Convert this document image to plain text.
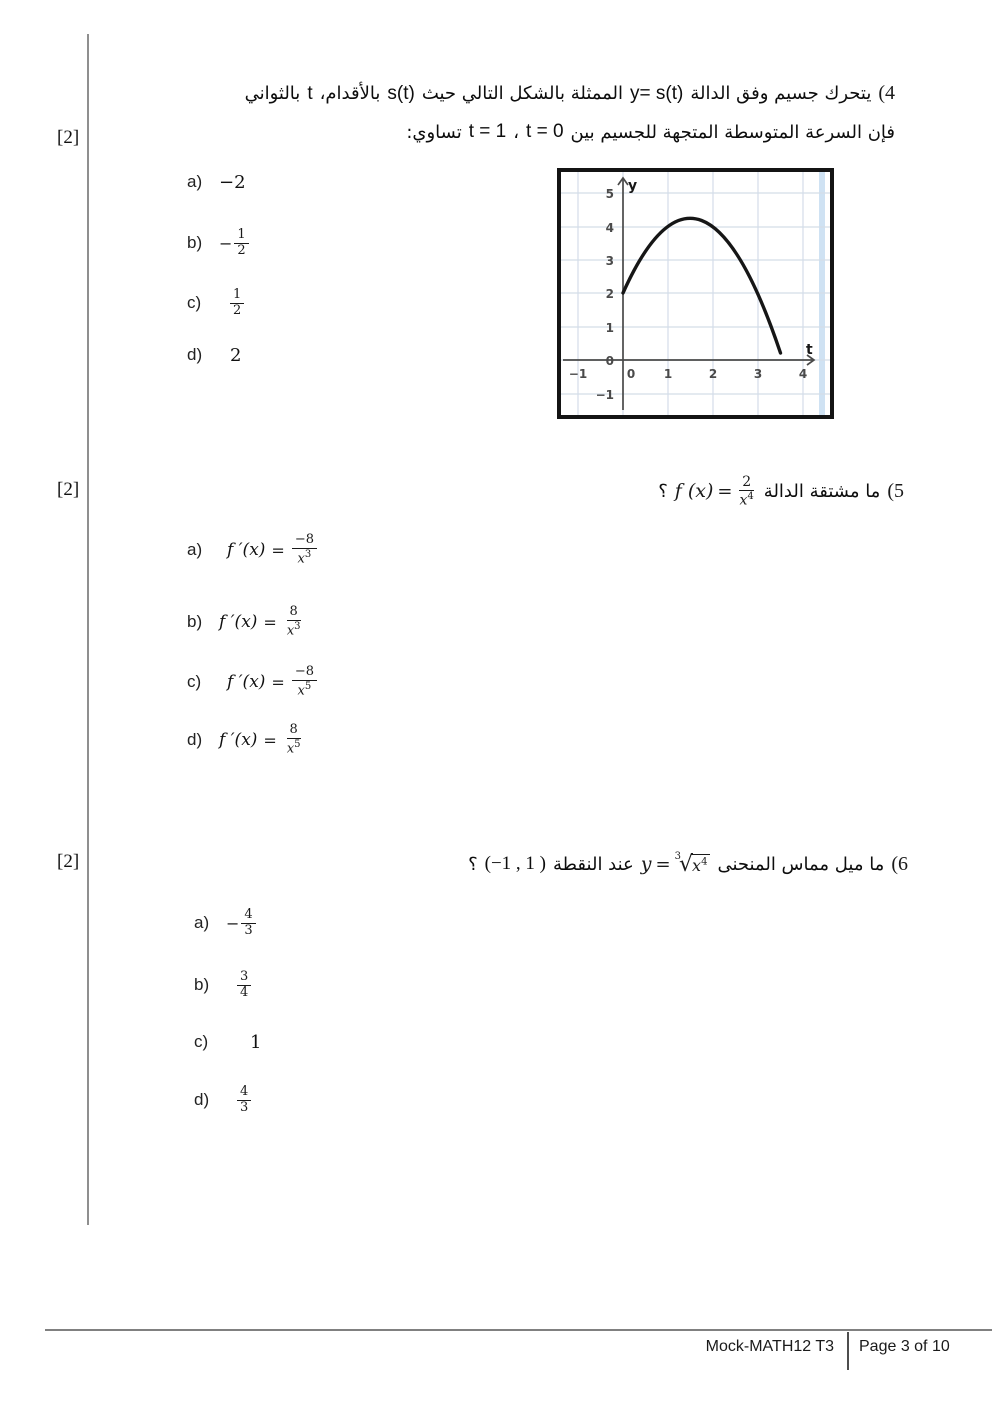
[2]
4)
يتحرك جسيم وفق الدالة
y= s(t)
الممثلة بالشكل التالي حيث
s(t)
بالأقدام،
t
بالثواني
فإن السرعة المتوسطة المتجهة للجسيم بين
t = 0
،
t = 1
تساوي:
5
4
3
2
1
0
−1
−1	0 1	2	3	4
y
t
a) −2
b)	− $\frac{1}{2}$
c)	$\frac{1}{2}$
d)	2
[2]	5)
ما مشتقة الدالة
f $(x) = \frac{2}{x^4}$
؟
a)	f $'(x) = \frac{-8}{x^3}$
b) f $'(x) = \frac{8}{x^3}$
c)	f $'(x) = \frac{-8}{x^5}$
d) f $'(x) = \frac{8}{x^5}$
[2]	6)
ما ميل مماس المنحنى
y = $^3$
√ $x^4$
عند النقطة
(−1 , 1 )
؟
a)	− $\frac{4}{3}$
b)	$\frac{3}{4}$
c)	1
d)	$\frac{4}{3}$
Mock-MATH12 T3 Page 3 of 10
